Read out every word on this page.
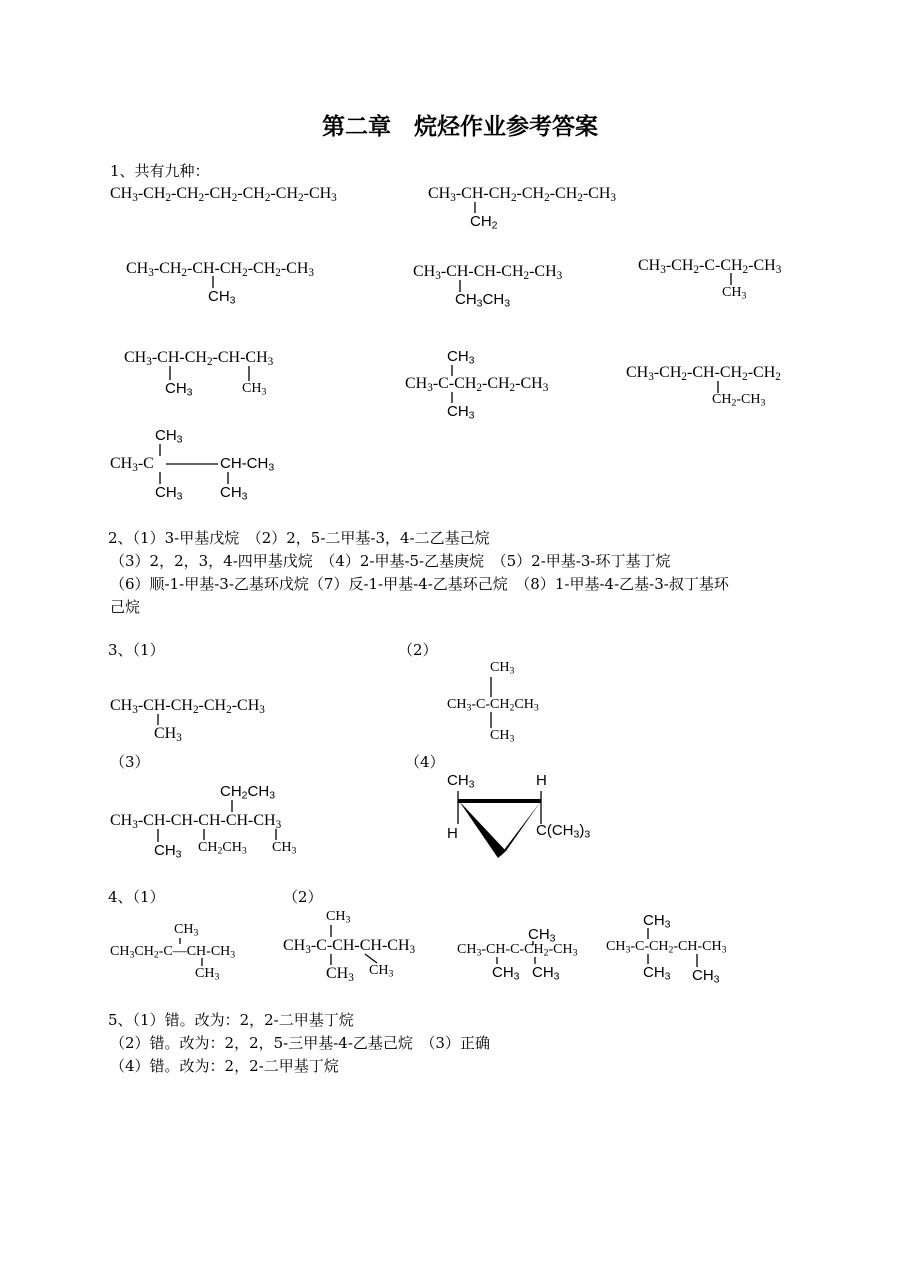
第二章　烷烃作业参考答案
1、共有九种：
$CH_3-CH_2-CH_2-CH_2-CH_2-CH_2-CH_3$	$CH_3-CH-CH_2-CH_2-CH_2-CH_3$
$CH_2$
$CH_3-CH_2-CH-CH_2-CH_2-CH_3$
$CH_3$
$CH_3-CH-CH-CH_2-CH_3$
$CH_3CH_3$
$CH_3-CH_2-C-CH_2-CH_3$
$CH_3$
$CH_3-CH-CH_2-CH-CH_3$
$CH_3$	$CH_3$
$CH_3$
$CH_3-C-CH_2-CH_2-CH_3$
$CH_3$
$CH_3-CH_2-CH-CH_2-CH_2$
$CH_2-CH_3$
$CH_3$
$CH_3-C$	$CH-CH_3$
$CH_3$ $CH_3$
2、（1）3-甲基戊烷　（2）2，5-二甲基-3，4-二乙基己烷
（3）2，2，3，4-四甲基戊烷　（4）2-甲基-5-乙基庚烷　（5）2-甲基-3-环丁基丁烷
（6）顺-1-甲基-3-乙基环戊烷（7）反-1-甲基-4-乙基环己烷　（8）1-甲基-4-乙基-3-叔丁基环
己烷
3、（1）	（2）
$CH_3-CH-CH_2-CH_2-CH_3$
$CH_3$
$CH_3$
$CH_3-C-CH_2CH_3$
$CH_3$
（3）	（4）
$CH_2CH_3$
$CH_3-CH-CH-CH-CH-CH_3$
$CH_3$ $CH_2CH_3$ $CH_3$
$CH_3$	H
H	$C(CH_3)_3$
4、（1）	（2）
$CH_3$
$CH_3CH_2-C—CH-CH_3$
$CH_3$
$CH_3$
$CH_3-C-CH-CH-CH_3$
$CH_3$ $CH_3$
$CH_3$
$CH_3-CH-C-CH_2-CH_3$
$CH_3$ $CH_3$
$CH_3$
$CH_3-C-CH_2-CH-CH_3$
$CH_3$ $CH_3$
5、（1）错。改为：2，2-二甲基丁烷
（2）错。改为：2，2，5-三甲基-4-乙基己烷　（3）正确
（4）错。改为：2，2-二甲基丁烷
